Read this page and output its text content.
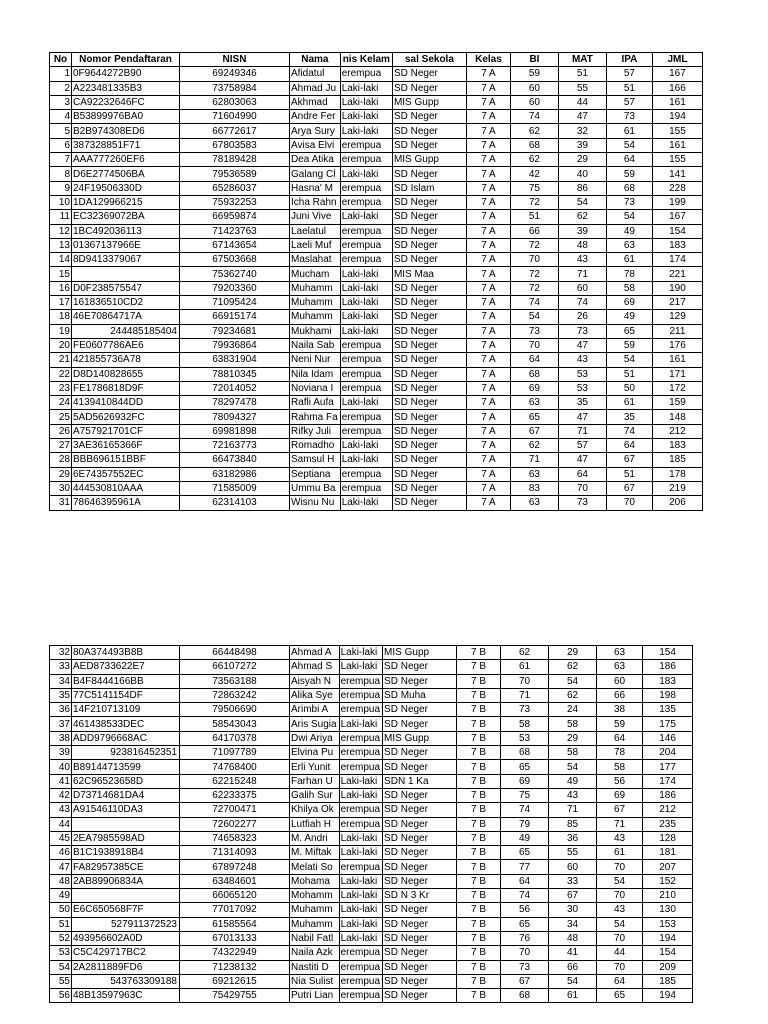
No	Nomor Pendaftaran	NISN	Nama	nis Kelam	sal Sekola	Kelas	BI	MAT	IPA	JML
1	0F9644272B90	69249346	Afidatul	erempua	SD Neger	7 A	59	51	57	167
2	A223481335B3	73758984	Ahmad Ju	Laki-laki	SD Neger	7 A	60	55	51	166
3	CA92232646FC	62803063	Akhmad	Laki-laki	MIS Gupp	7 A	60	44	57	161
4	B53899976BA0	71604990	Andre Fer	Laki-laki	SD Neger	7 A	74	47	73	194
5	B2B974308ED6	66772617	Arya Sury	Laki-laki	SD Neger	7 A	62	32	61	155
6	387328851F71	67803583	Avisa Elvi	erempua	SD Neger	7 A	68	39	54	161
7	AAA777260EF6	78189428	Dea Atika	erempua	MIS Gupp	7 A	62	29	64	155
8	D6E2774506BA	79536589	Galang Cl	Laki-laki	SD Neger	7 A	42	40	59	141
9	24F19506330D	65286037	Hasna' M	erempua	SD Islam	7 A	75	86	68	228
10	1DA129966215	75932253	Icha Rahn	erempua	SD Neger	7 A	72	54	73	199
11	EC32369072BA	66959874	Juni Vive	Laki-laki	SD Neger	7 A	51	62	54	167
12	1BC492036113	71423763	Laelatul	erempua	SD Neger	7 A	66	39	49	154
13	01367137966E	67143654	Laeli Muf	erempua	SD Neger	7 A	72	48	63	183
14	8D9413379067	67503668	Maslahat	erempua	SD Neger	7 A	70	43	61	174
15		75362740	Mucham	Laki-laki	MIS Maa	7 A	72	71	78	221
16	D0F238575547	79203360	Muhamm	Laki-laki	SD Neger	7 A	72	60	58	190
17	161836510CD2	71095424	Muhamm	Laki-laki	SD Neger	7 A	74	74	69	217
18	46E70864717A	66915174	Muhamm	Laki-laki	SD Neger	7 A	54	26	49	129
19	244485185404	79234681	Mukhami	Laki-laki	SD Neger	7 A	73	73	65	211
20	FE0607786AE6	79936864	Naila Sab	erempua	SD Neger	7 A	70	47	59	176
21	421855736A78	63831904	Neni Nur	erempua	SD Neger	7 A	64	43	54	161
22	D8D140828655	78810345	Nila Idam	erempua	SD Neger	7 A	68	53	51	171
23	FE1786818D9F	72014052	Noviana I	erempua	SD Neger	7 A	69	53	50	172
24	4139410844DD	78297478	Rafli Aufa	Laki-laki	SD Neger	7 A	63	35	61	159
25	5AD5626932FC	78094327	Rahma Fa	erempua	SD Neger	7 A	65	47	35	148
26	A757921701CF	69981898	Rifky Juli	erempua	SD Neger	7 A	67	71	74	212
27	3AE36165366F	72163773	Romadho	Laki-laki	SD Neger	7 A	62	57	64	183
28	BBB696151BBF	66473840	Samsul H	Laki-laki	SD Neger	7 A	71	47	67	185
29	6E74357552EC	63182986	Septiana	erempua	SD Neger	7 A	63	64	51	178
30	444530810AAA	71585009	Ummu Ba	erempua	SD Neger	7 A	83	70	67	219
31	78646395961A	62314103	Wisnu Nu	Laki-laki	SD Neger	7 A	63	73	70	206
32	80A374493B8B	66448498	Ahmad A	Laki-laki	MIS Gupp	7 B	62	29	63	154
33	AED8733622E7	66107272	Ahmad S	Laki-laki	SD Neger	7 B	61	62	63	186
34	B4F8444166BB	73563188	Aisyah N	erempua	SD Neger	7 B	70	54	60	183
35	77C5141154DF	72863242	Alika Sye	erempua	SD Muha	7 B	71	62	66	198
36	14F210713109	79506690	Arimbi A	erempua	SD Neger	7 B	73	24	38	135
37	461438533DEC	58543043	Aris Sugia	Laki-laki	SD Neger	7 B	58	58	59	175
38	ADD9796668AC	64170378	Dwi Ariya	erempua	MIS Gupp	7 B	53	29	64	146
39	923816452351	71097789	Elvina Pu	erempua	SD Neger	7 B	68	58	78	204
40	B89144713599	74768400	Erli Yunit	erempua	SD Neger	7 B	65	54	58	177
41	62C96523658D	62215248	Farhan U	Laki-laki	SDN 1 Ka	7 B	69	49	56	174
42	D73714681DA4	62233375	Galih Sur	Laki-laki	SD Neger	7 B	75	43	69	186
43	A91546110DA3	72700471	Khilya Ok	erempua	SD Neger	7 B	74	71	67	212
44		72602277	Lutfiah H	erempua	SD Neger	7 B	79	85	71	235
45	2EA7985598AD	74658323	M. Andri	Laki-laki	SD Neger	7 B	49	36	43	128
46	B1C1938918B4	71314093	M. Miftak	Laki-laki	SD Neger	7 B	65	55	61	181
47	FA82957385CE	67897248	Melati So	erempua	SD Neger	7 B	77	60	70	207
48	2AB89906834A	63484601	Mohama	Laki-laki	SD Neger	7 B	64	33	54	152
49		66065120	Mohamm	Laki-laki	SD N 3 Kr	7 B	74	67	70	210
50	E6C650568F7F	77017092	Muhamm	Laki-laki	SD Neger	7 B	56	30	43	130
51	527911372523	61585564	Muhamm	Laki-laki	SD Neger	7 B	65	34	54	153
52	493956602A0D	67013133	Nabil Fatl	Laki-laki	SD Neger	7 B	76	48	70	194
53	C5C429717BC2	74322949	Naila Azk	erempua	SD Neger	7 B	70	41	44	154
54	2A2811889FD6	71238132	Nastiti D	erempua	SD Neger	7 B	73	66	70	209
55	543763309188	69212615	Nia Sulist	erempua	SD Neger	7 B	67	54	64	185
56	48B13597963C	75429755	Putri Lian	erempua	SD Neger	7 B	68	61	65	194
